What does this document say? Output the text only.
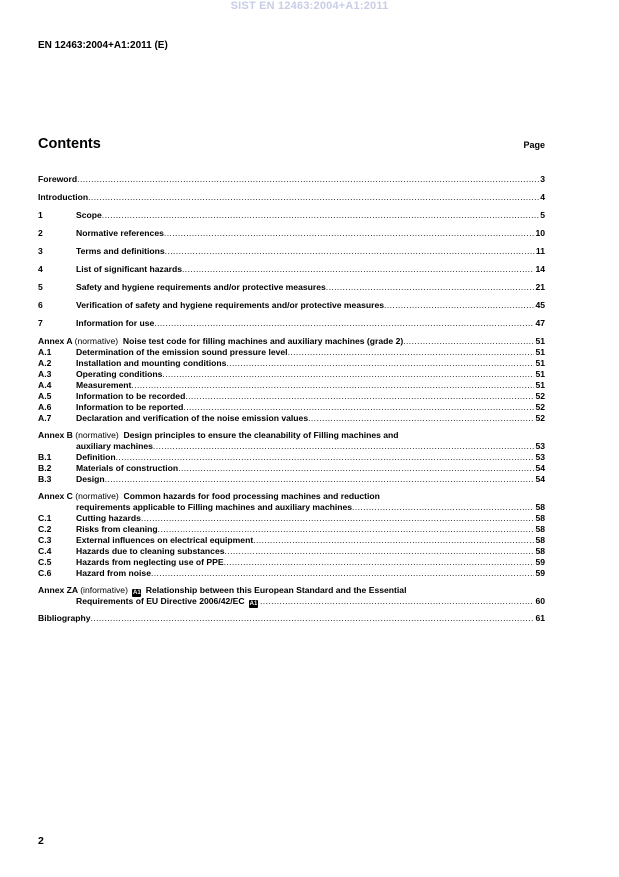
SIST EN 12463:2004+A1:2011
EN 12463:2004+A1:2011 (E)
Contents	Page
Foreword .....	3
Introduction .....	4
1	Scope .....	5
2	Normative references .....	10
3	Terms and definitions .....	11
4	List of significant hazards .....	14
5	Safety and hygiene requirements and/or protective measures .....	21
6	Verification of safety and hygiene requirements and/or protective measures .....	45
7	Information for use .....	47
Annex A (normative) Noise test code for filling machines and auxiliary machines (grade 2) .....	51
A.1	Determination of the emission sound pressure level .....	51
A.2	Installation and mounting conditions .....	51
A.3	Operating conditions .....	51
A.4	Measurement .....	51
A.5	Information to be recorded .....	52
A.6	Information to be reported .....	52
A.7	Declaration and verification of the noise emission values .....	52
Annex B (normative) Design principles to ensure the cleanability of Filling machines and
auxiliary machines .....	53
B.1	Definition .....	53
B.2	Materials of construction .....	54
B.3	Design .....	54
Annex C (normative) Common hazards for food processing machines and reduction
requirements applicable to Filling machines and auxiliary machines .....	58
C.1	Cutting hazards .....	58
C.2	Risks from cleaning .....	58
C.3	External influences on electrical equipment .....	58
C.4	Hazards due to cleaning substances .....	58
C.5	Hazards from neglecting use of PPE .....	59
C.6	Hazard from noise .....	59
Annex ZA (informative) A1 Relationship between this European Standard and the Essential
Requirements of EU Directive 2006/42/EC A1 .....	60
Bibliography .....	61
2
